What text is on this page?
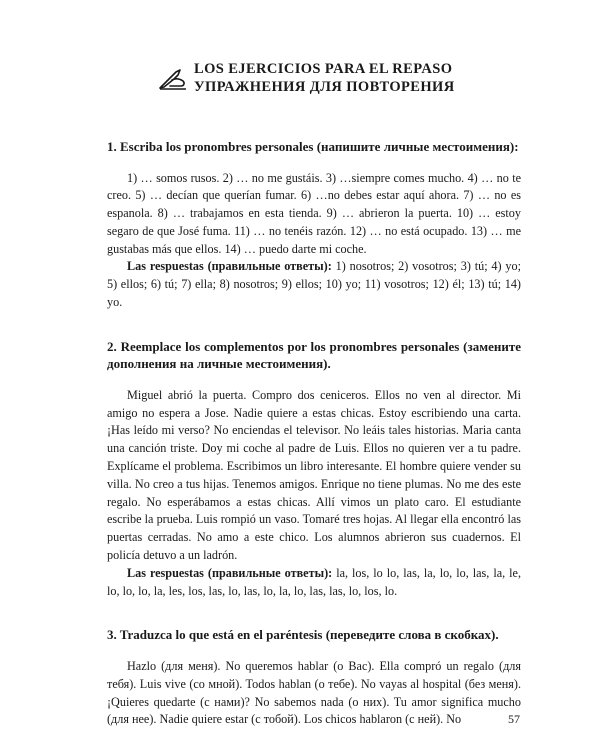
LOS EJERCICIOS PARA EL REPASO
УПРАЖНЕНИЯ ДЛЯ ПОВТОРЕНИЯ

1. Escriba los pronombres personales (напишите личные местоимения):

1) … somos rusos. 2) … no me gustáis. 3) …siempre comes mucho. 4) … no te creo. 5) … decían que querían fumar. 6) …no debes estar aquí ahora. 7) … no es espanola. 8) … trabajamos en esta tienda. 9) … abrieron la puerta. 10) … estoy segaro de que José fuma. 11) … no tenéis razón. 12) … no está ocupado. 13) … me gustabas más que ellos. 14) … puedo darte mi coche.

Las respuestas (правильные ответы): 1) nosotros; 2) vosotros; 3) tú; 4) yo; 5) ellos; 6) tú; 7) ella; 8) nosotros; 9) ellos; 10) yo; 11) vosotros; 12) él; 13) tú; 14) yo.

2. Reemplace los complementos por los pronombres personales (замените дополнения на личные местоимения).

Miguel abrió la puerta. Compro dos ceniceros. Ellos no ven al director. Mi amigo no espera a Jose. Nadie quiere a estas chicas. Estoy escribiendo una carta. ¡Has leído mi verso? No enciendas el televisor. No leáis tales historias. Maria canta una canción triste. Doy mi coche al padre de Luis. Ellos no quieren ver a tu padre. Explícame el problema. Escribimos un libro interesante. El hombre quiere vender su villa. No creo a tus hijas. Tenemos amigos. Enrique no tiene plumas. No me des este regalo. No esperábamos a estas chicas. Allí vimos un plato caro. El estudiante escribe la prueba. Luis rompió un vaso. Tomaré tres hojas. Al llegar ella encontró las puertas cerradas. No amo a este chico. Los alumnos abrieron sus cuadernos. El policía detuvo a un ladrón.

Las respuestas (правильные ответы): la, los, lo lo, las, la, lo, lo, las, la, le, lo, lo, lo, la, les, los, las, lo, las, lo, la, lo, las, las, lo, los, lo.

3. Traduzca lo que está en el paréntesis (переведите слова в скобках).

Hazlo (для меня). No queremos hablar (о Вас). Ella compró un regalo (для тебя). Luis vive (со мной). Todos hablan (о тебе). No vayas al hospital (без меня). ¡Quieres quedarte (с нами)? No sabemos nada (о них). Tu amor significa mucho (для нее). Nadie quiere estar (с тобой). Los chicos hablaron (с ней). No	57
